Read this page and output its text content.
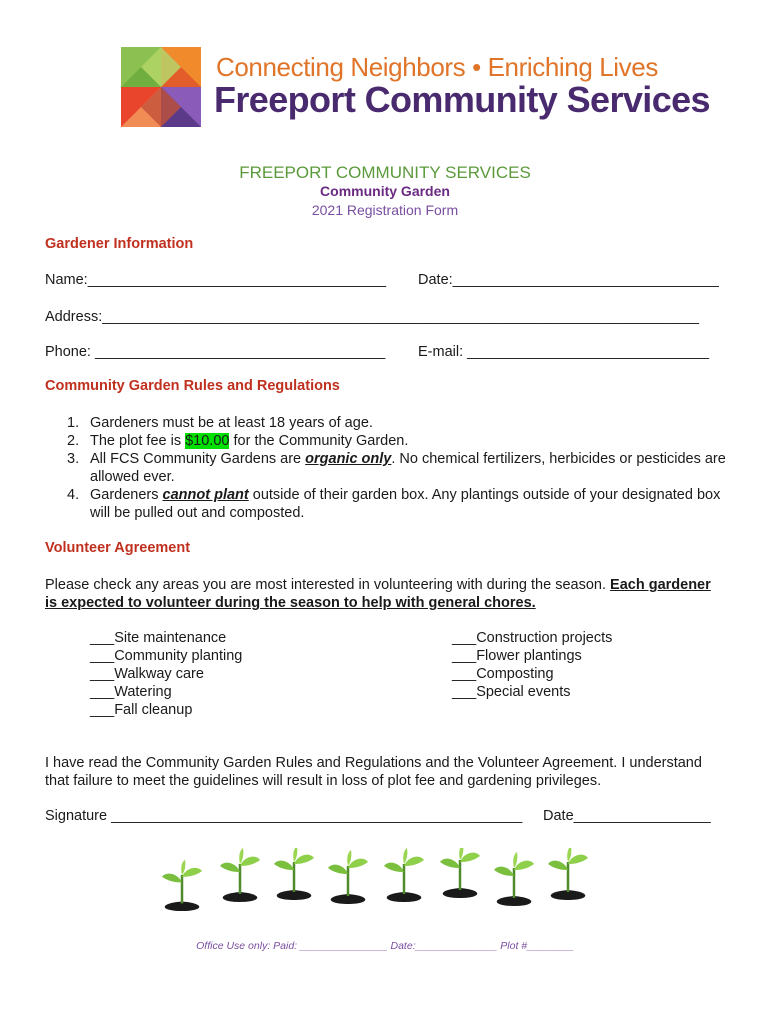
Connecting Neighbors • Enriching Lives
Freeport Community Services
FREEPORT COMMUNITY SERVICES
Community Garden
2021 Registration Form
Gardener Information
Name:_____________________________________ Date:_________________________________
Address:__________________________________________________________________________
Phone: ____________________________________ E-mail: ______________________________
Community Garden Rules and Regulations
1. Gardeners must be at least 18 years of age.
2. The plot fee is $10.00 for the Community Garden.
3. All FCS Community Gardens are organic only. No chemical fertilizers, herbicides or pesticides are allowed ever.
4. Gardeners cannot plant outside of their garden box. Any plantings outside of your designated box will be pulled out and composted.
Volunteer Agreement
Please check any areas you are most interested in volunteering with during the season. Each gardener is expected to volunteer during the season to help with general chores.
___Site maintenance
___Community planting
___Walkway care
___Watering
___Fall cleanup
___Construction projects
___Flower plantings
___Composting
___Special events
I have read the Community Garden Rules and Regulations and the Volunteer Agreement. I understand that failure to meet the guidelines will result in loss of plot fee and gardening privileges.
Signature ___________________________________________________ Date_________________
Office Use only: Paid: _______________ Date:______________ Plot #________
